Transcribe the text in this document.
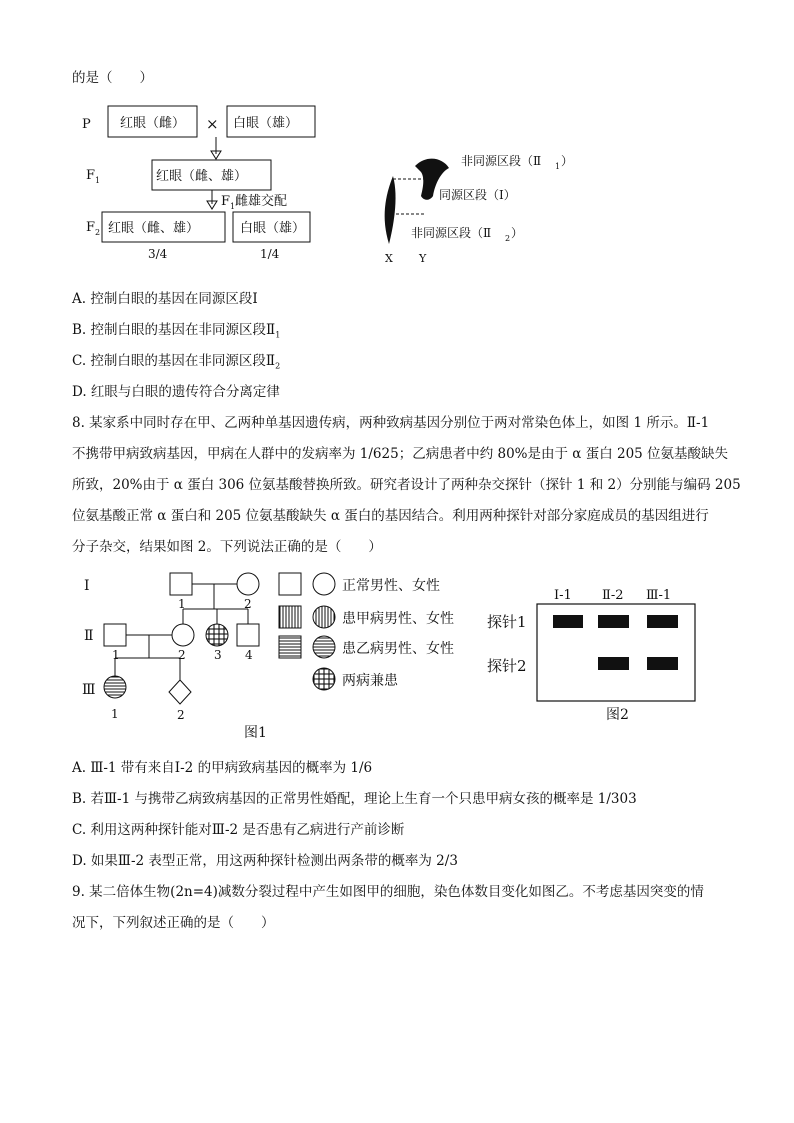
的是（　　）
P 红眼（雌） × 白眼（雄）
F 1	红眼（雌、雄）
F 1 雌雄交配
F 2 红眼（雌、雄）	白眼（雄）
3/4	1/4	X Y
非同源区段（Ⅱ 1 ）
同源区段（Ⅰ）
非同源区段（Ⅱ 2 ）
A. 控制白眼的基因在同源区段Ⅰ
B. 控制白眼的基因在非同源区段$Ⅱ_1$
C. 控制白眼的基因在非同源区段$Ⅱ_2$
D. 红眼与白眼的遗传符合分离定律
8. 某家系中同时存在甲、乙两种单基因遗传病，两种致病基因分别位于两对常染色体上，如图 1 所示。Ⅱ-1
不携带甲病致病基因，甲病在人群中的发病率为 1/625；乙病患者中约 80%是由于 α 蛋白 205 位氨基酸缺失
所致，20%由于 α 蛋白 306 位氨基酸替换所致。研究者设计了两种杂交探针（探针 1 和 2）分别能与编码 205
位氨基酸正常 α 蛋白和 205 位氨基酸缺失 α 蛋白的基因结合。利用两种探针对部分家庭成员的基因组进行
分子杂交，结果如图 2。下列说法正确的是（　　）
Ⅰ
Ⅱ
Ⅲ
1	2
1	2 3 4
1	2
图1
正常男性、女性
患甲病男性、女性
患乙病男性、女性
两病兼患
Ⅰ-1 Ⅱ-2 Ⅲ-1
探针1
探针2
图2
A. Ⅲ-1 带有来自Ⅰ-2 的甲病致病基因的概率为 1/6
B. 若Ⅲ-1 与携带乙病致病基因的正常男性婚配，理论上生育一个只患甲病女孩的概率是 1/303
C. 利用这两种探针能对Ⅲ-2 是否患有乙病进行产前诊断
D. 如果Ⅲ-2 表型正常，用这两种探针检测出两条带的概率为 2/3
9. 某二倍体生物(2n=4)减数分裂过程中产生如图甲的细胞，染色体数目变化如图乙。不考虑基因突变的情
况下，下列叙述正确的是（　　）
